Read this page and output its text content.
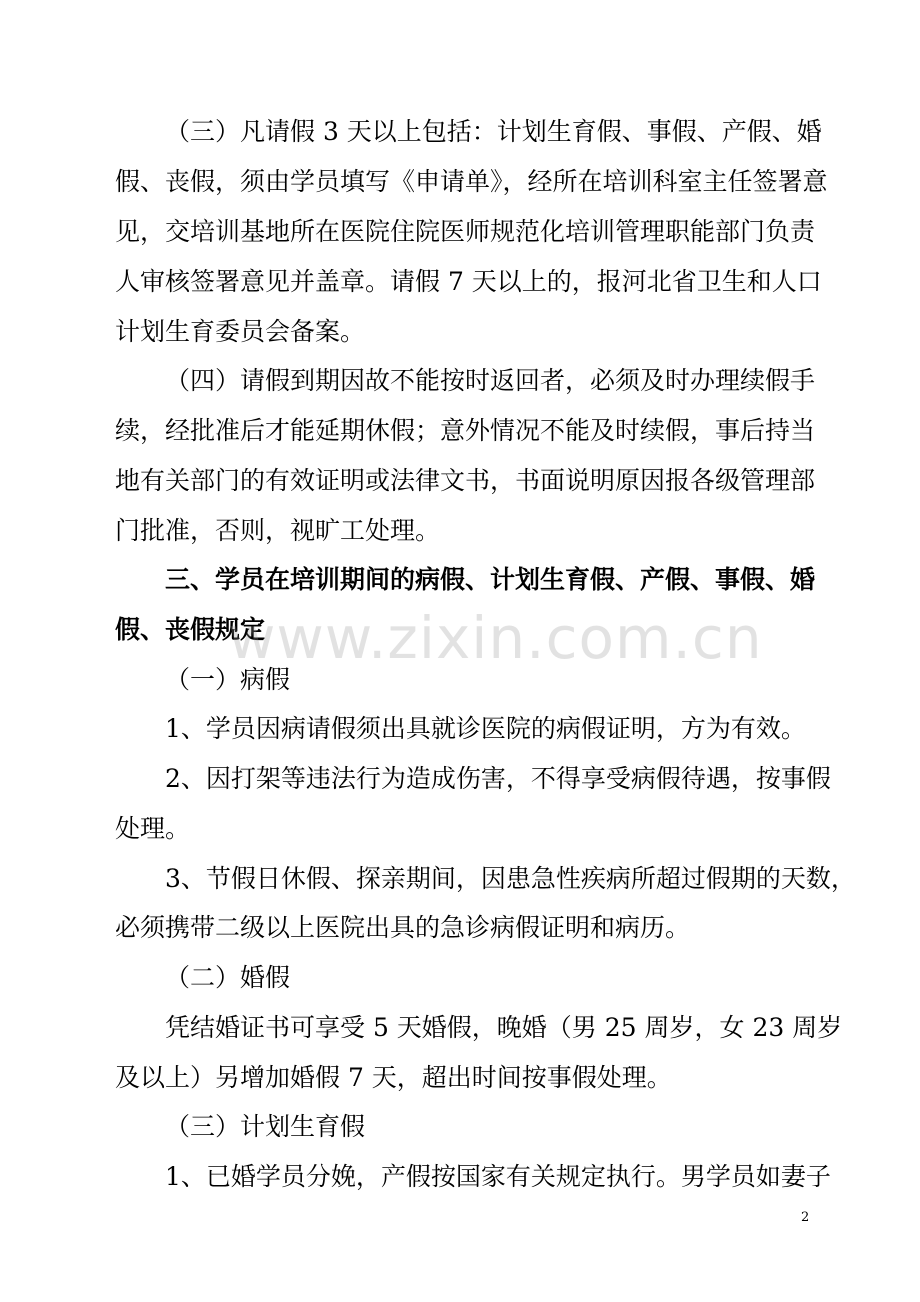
（三）凡请假 3 天以上包括：计划生育假、事假、产假、婚
假、丧假，须由学员填写《申请单》，经所在培训科室主任签署意
见，交培训基地所在医院住院医师规范化培训管理职能部门负责
人审核签署意见并盖章。请假 7 天以上的，报河北省卫生和人口
计划生育委员会备案。
（四）请假到期因故不能按时返回者，必须及时办理续假手
续，经批准后才能延期休假；意外情况不能及时续假，事后持当
地有关部门的有效证明或法律文书，书面说明原因报各级管理部
门批准，否则，视旷工处理。
三、学员在培训期间的病假、计划生育假、产假、事假、婚
假、丧假规定
www.zixin.com.cn
（一）病假
1、学员因病请假须出具就诊医院的病假证明，方为有效。
2、因打架等违法行为造成伤害，不得享受病假待遇，按事假
处理。
3、节假日休假、探亲期间，因患急性疾病所超过假期的天数，
必须携带二级以上医院出具的急诊病假证明和病历。
（二）婚假
凭结婚证书可享受 5 天婚假，晚婚（男 25 周岁，女 23 周岁
及以上）另增加婚假 7 天，超出时间按事假处理。
（三）计划生育假
1、已婚学员分娩，产假按国家有关规定执行。男学员如妻子
2
